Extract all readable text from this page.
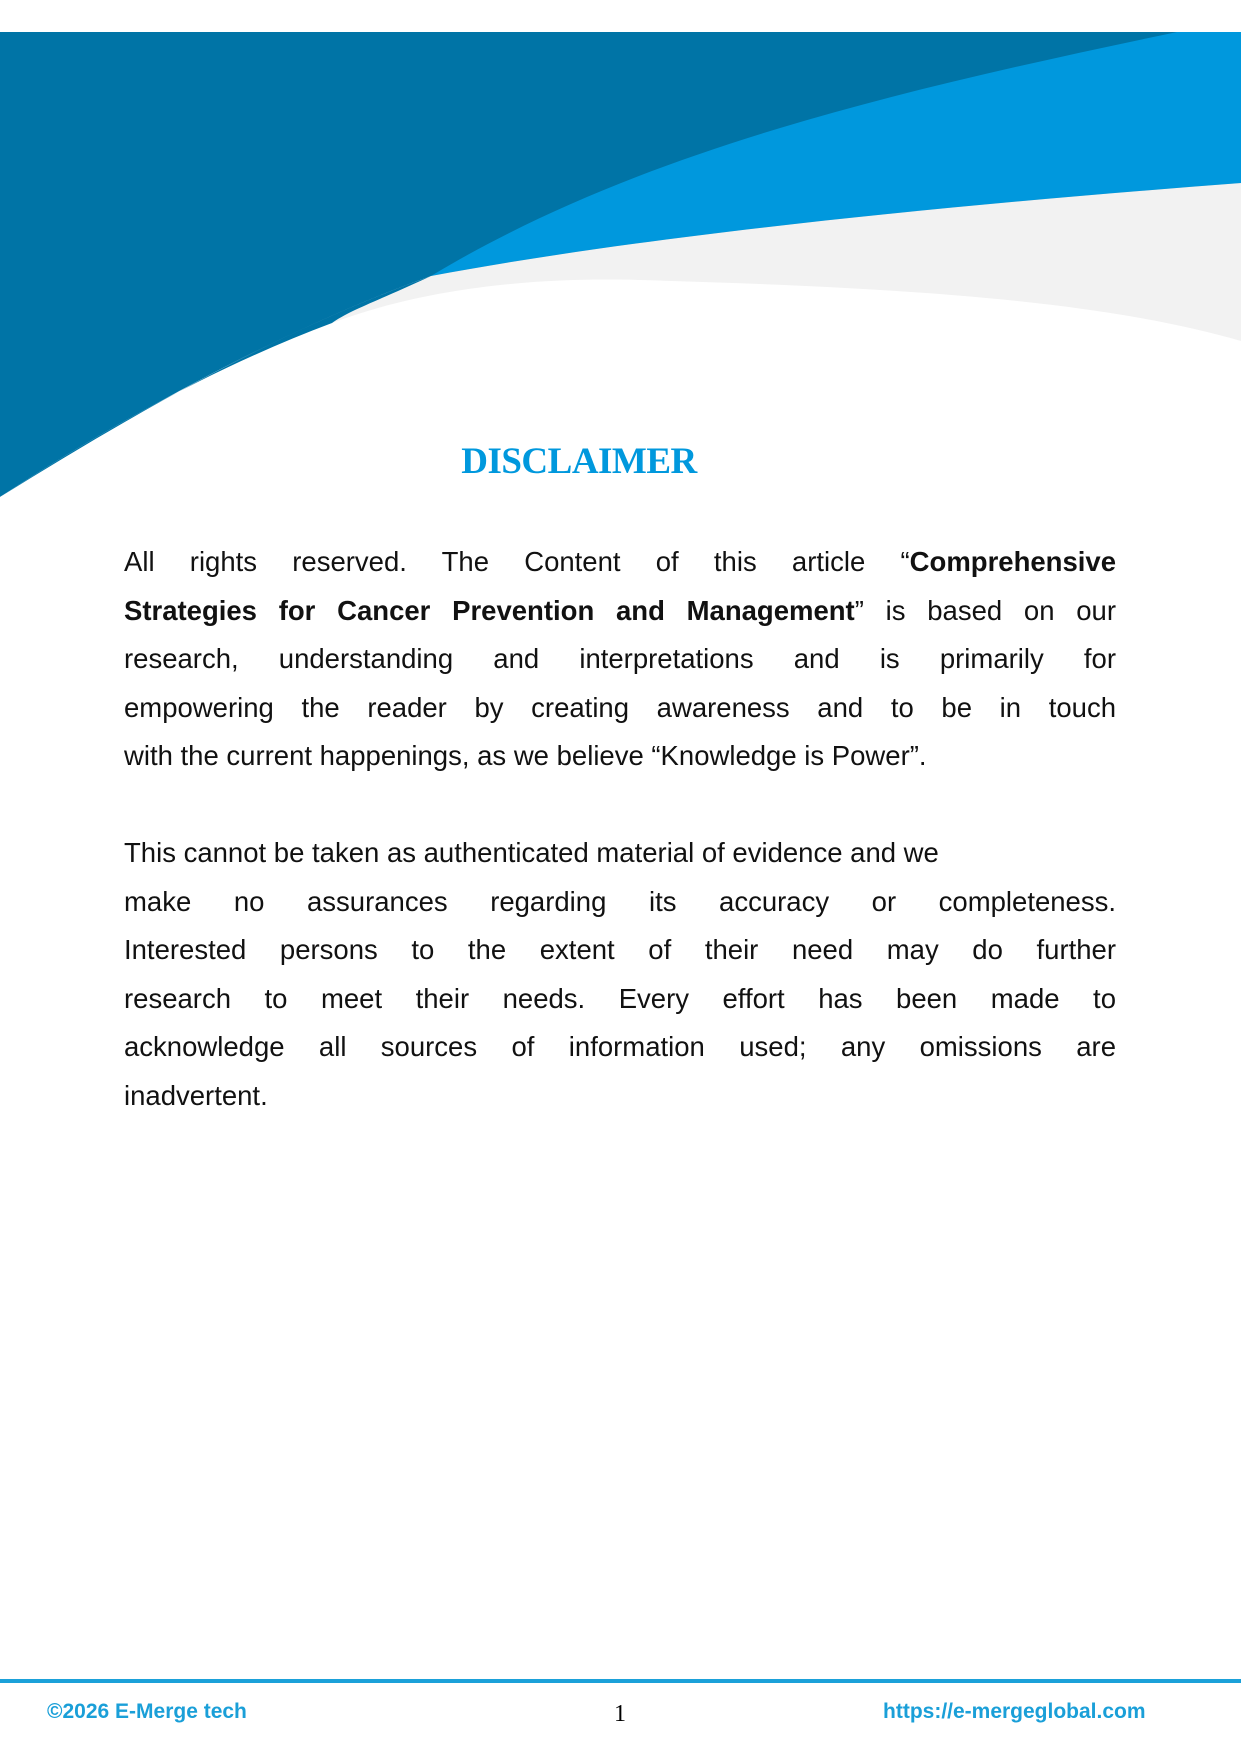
DISCLAIMER
All rights reserved. The Content of this article “Comprehensive
Strategies for Cancer Prevention and Management” is based on our
research, understanding and interpretations and is primarily for
empowering the reader by creating awareness and to be in touch
with the current happenings, as we believe “Knowledge is Power”.
This cannot be taken as authenticated material of evidence and we
make no assurances regarding its accuracy or completeness.
Interested persons to the extent of their need may do further
research to meet their needs. Every effort has been made to
acknowledge all sources of information used; any omissions are
inadvertent.
©2026 E-Merge tech	1	https://e-mergeglobal.com
